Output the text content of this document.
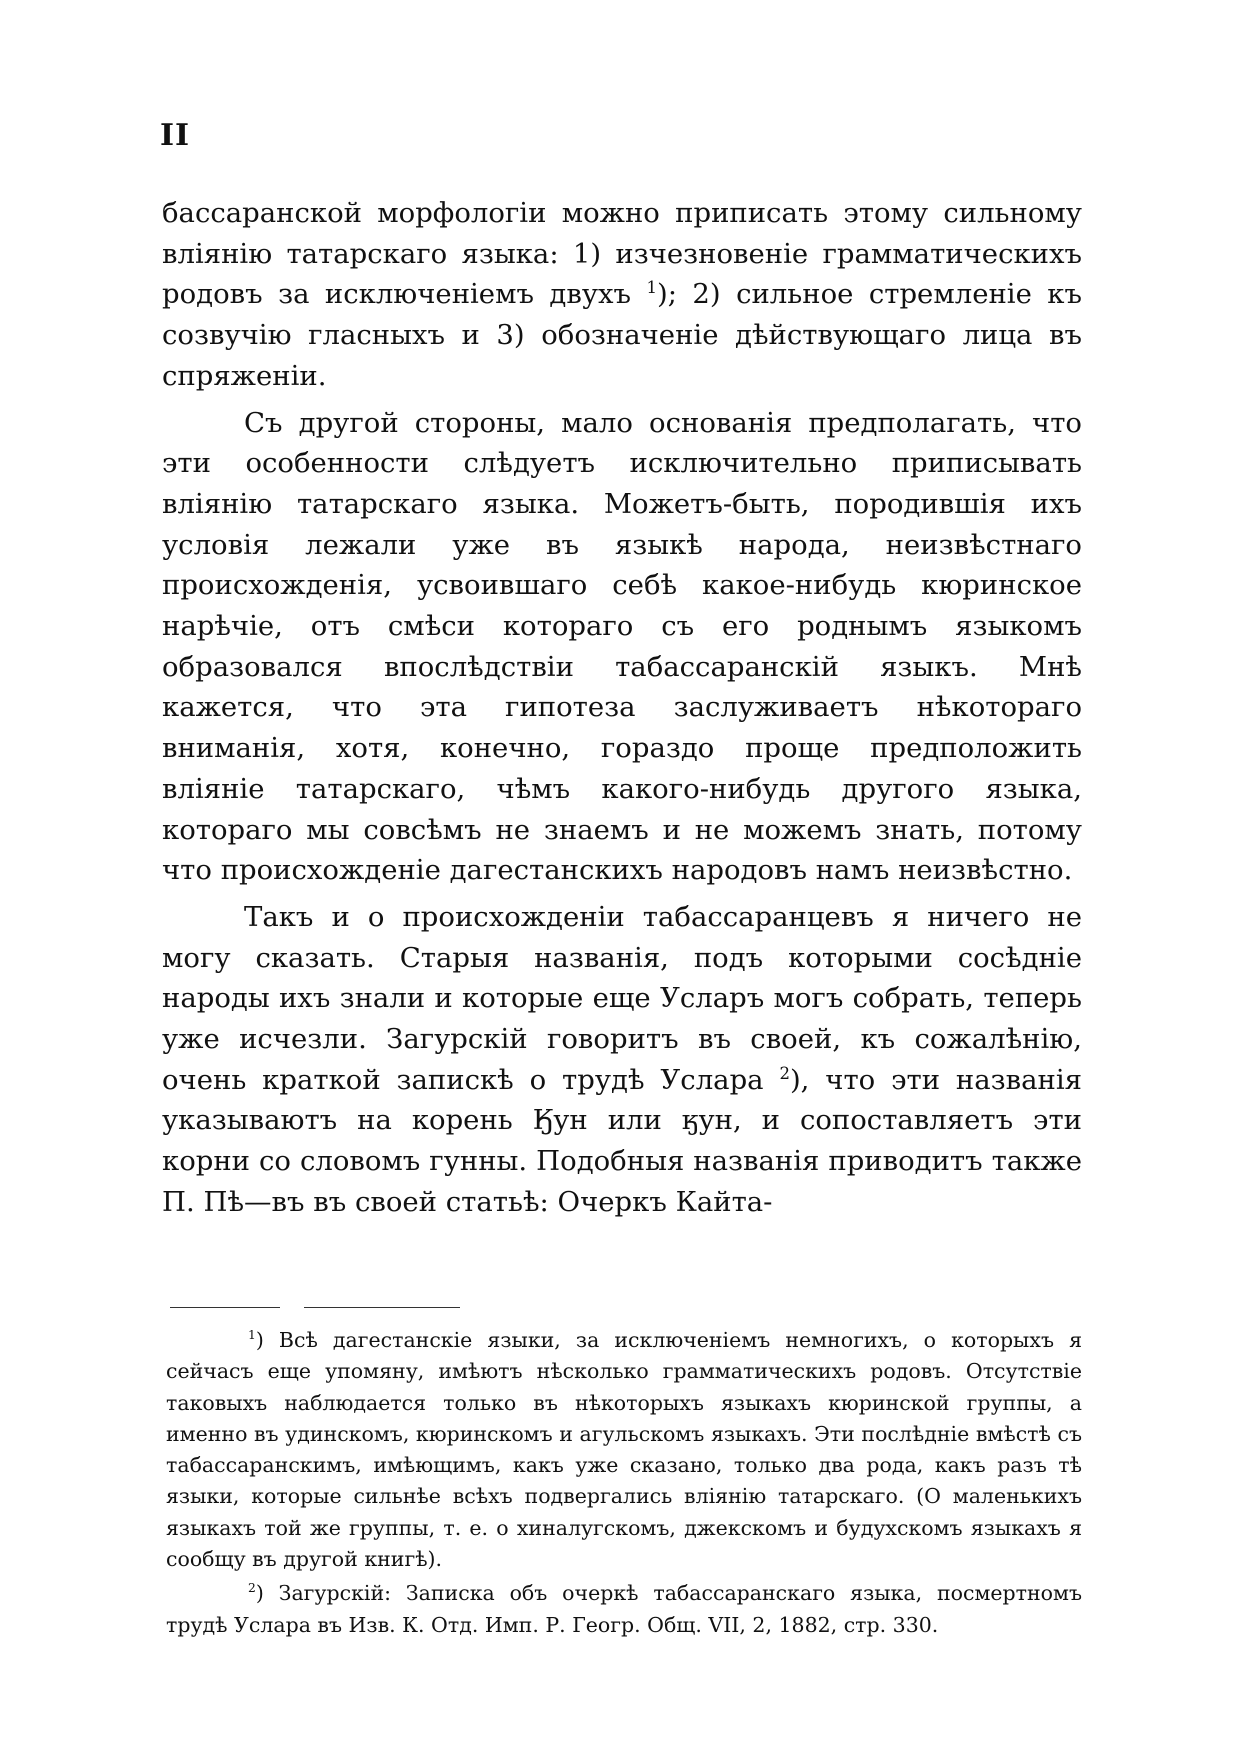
II

бассаранской морфологіи можно приписать этому сильному вліянію татарскаго языка: 1) изчезновеніе грамматическихъ родовъ за исключеніемъ двухъ $^1$); 2) сильное стремленіе къ созвучію гласныхъ и 3) обозначеніе дѣйствующаго лица въ спряженіи.

Съ другой стороны, мало основанія предполагать, что эти особенности слѣдуетъ исключительно приписывать вліянію татарскаго языка. Можетъ-быть, породившія ихъ условія лежали уже въ языкѣ народа, неизвѣстнаго происхожденія, усвоившаго себѣ какое-нибудь кюринское нарѣчіе, отъ смѣси котораго съ его роднымъ языкомъ образовался впослѣдствіи табассаранскій языкъ. Мнѣ кажется, что эта гипотеза заслуживаетъ нѣкотораго вниманія, хотя, конечно, гораздо проще предположить вліяніе татарскаго, чѣмъ какого-нибудь другого языка, котораго мы совсѣмъ не знаемъ и не можемъ знать, потому что происхожденіе дагестанскихъ народовъ намъ неизвѣстно.

Такъ и о происхожденіи табассаранцевъ я ничего не могу сказать. Старыя названія, подъ которыми сосѣдніе народы ихъ знали и которые еще Усларъ могъ собрать, теперь уже исчезли. Загурскій говоритъ въ своей, къ сожалѣнію, очень краткой запискѣ о трудѣ Услара $^2$), что эти названія указываютъ на корень Ӄун или ӄун, и сопоставляетъ эти корни со словомъ гунны. Подобныя названія приводитъ также П. Пѣ—въ въ своей статьѣ: Очеркъ Кайта-

$^1$) Всѣ дагестанскіе языки, за исключеніемъ немногихъ, о которыхъ я сейчасъ еще упомяну, имѣютъ нѣсколько грамматическихъ родовъ. Отсутствіе таковыхъ наблюдается только въ нѣкоторыхъ языкахъ кюринской группы, а именно въ удинскомъ, кюринскомъ и агульскомъ языкахъ. Эти послѣдніе вмѣстѣ съ табассаранскимъ, имѣющимъ, какъ уже сказано, только два рода, какъ разъ тѣ языки, которые сильнѣе всѣхъ подвергались вліянію татарскаго. (О маленькихъ языкахъ той же группы, т. е. о хиналугскомъ, джекскомъ и будухскомъ языкахъ я сообщу въ другой книгѣ).

$^2$) Загурскій: Записка объ очеркѣ табассаранскаго языка, посмертномъ трудѣ Услара въ Изв. К. Отд. Имп. Р. Геогр. Общ. VII, 2, 1882, стр. 330.
